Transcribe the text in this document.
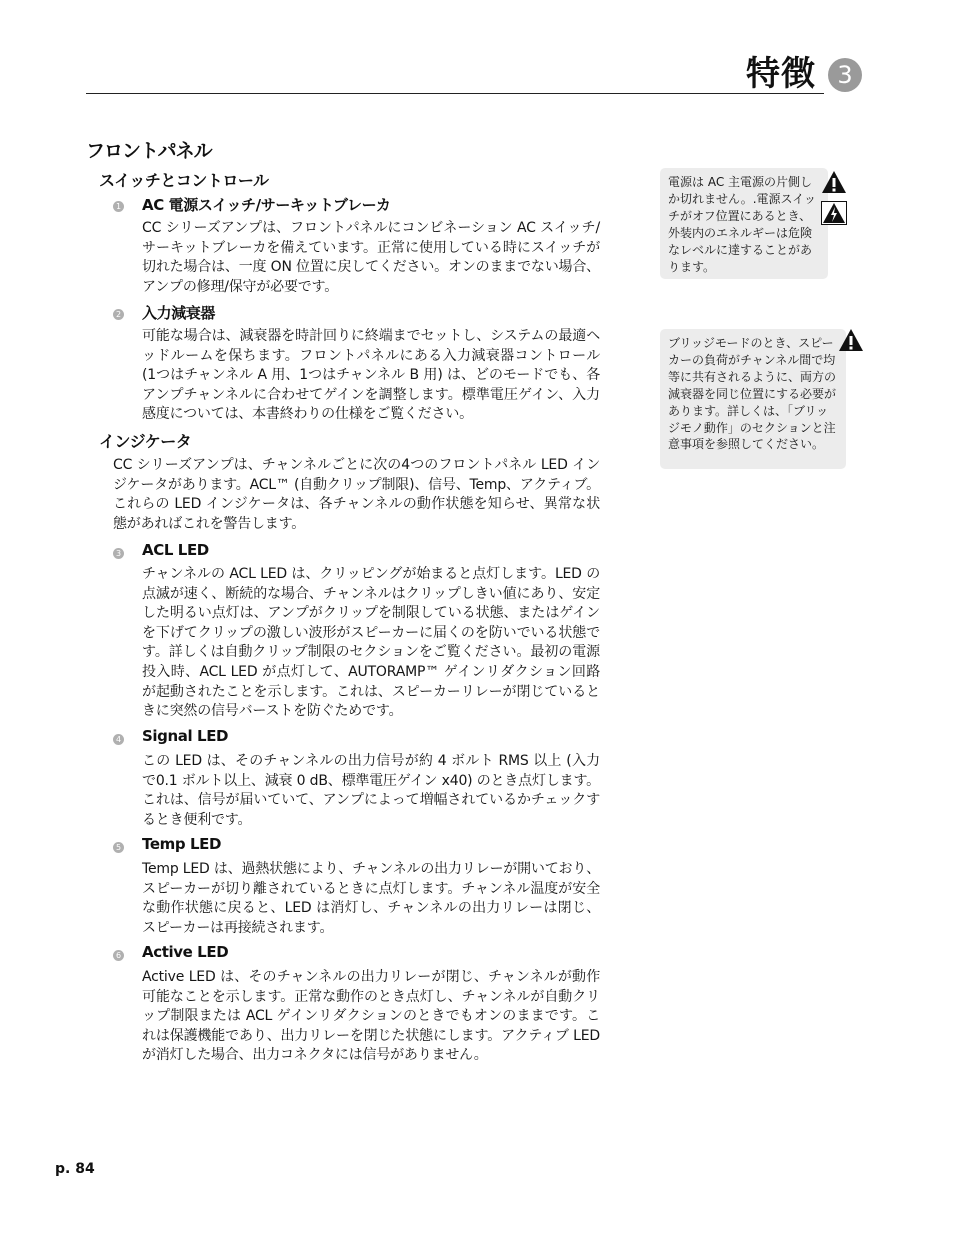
特徴 3
フロントパネル
スイッチとコントロール
1 AC 電源スイッチ/サーキットブレーカ
CC シリーズアンプは、フロントパネルにコンビネーション AC スイッチ/サーキットブレーカを備えています。正常に使用している時にスイッチが切れた場合は、一度 ON 位置に戻してください。オンのままでない場合、アンプの修理/保守が必要です。
2 入力減衰器
可能な場合は、減衰器を時計回りに終端までセットし、システムの最適ヘッドルームを保ちます。フロントパネルにある入力減衰器コントロール (1つはチャンネル A 用、1つはチャンネル B 用) は、どのモードでも、各アンプチャンネルに合わせてゲインを調整します。標準電圧ゲイン、入力感度については、本書終わりの仕様をご覧ください。
インジケータ
CC シリーズアンプは、チャンネルごとに次の4つのフロントパネル LED インジケータがあります。ACL™ (自動クリップ制限)、信号、Temp、アクティブ。これらの LED インジケータは、各チャンネルの動作状態を知らせ、異常な状態があればこれを警告します。
3 ACL LED
チャンネルの ACL LED は、クリッピングが始まると点灯します。LED の点滅が速く、断続的な場合、チャンネルはクリップしきい値にあり、安定した明るい点灯は、アンプがクリップを制限している状態、またはゲインを下げてクリップの激しい波形がスピーカーに届くのを防いでいる状態です。詳しくは自動クリップ制限のセクションをご覧ください。最初の電源投入時、ACL LED が点灯して、AUTORAMP™ ゲインリダクション回路が起動されたことを示します。これは、スピーカーリレーが閉じているときに突然の信号バーストを防ぐためです。
4 Signal LED
この LED は、そのチャンネルの出力信号が約 4 ボルト RMS 以上 (入力で0.1 ボルト以上、減衰 0 dB、標準電圧ゲイン x40) のとき点灯します。これは、信号が届いていて、アンプによって増幅されているかチェックするとき便利です。
5 Temp LED
Temp LED は、過熱状態により、チャンネルの出力リレーが開いており、スピーカーが切り離されているときに点灯します。チャンネル温度が安全な動作状態に戻ると、LED は消灯し、チャンネルの出力リレーは閉じ、スピーカーは再接続されます。
6 Active LED
Active LED は、そのチャンネルの出力リレーが閉じ、チャンネルが動作可能なことを示します。正常な動作のとき点灯し、チャンネルが自動クリップ制限または ACL ゲインリダクションのときでもオンのままです。これは保護機能であり、出力リレーを閉じた状態にします。アクティブ LED が消灯した場合、出力コネクタには信号がありません。
電源は AC 主電源の片側しか切れません。.電源スイッチがオフ位置にあるとき、外装内のエネルギーは危険なレベルに達することがあります。
ブリッジモードのとき、スピーカーの負荷がチャンネル間で均等に共有されるように、両方の減衰器を同じ位置にする必要があります。詳しくは、「ブリッジモノ動作」のセクションと注意事項を参照してください。
p. 84
